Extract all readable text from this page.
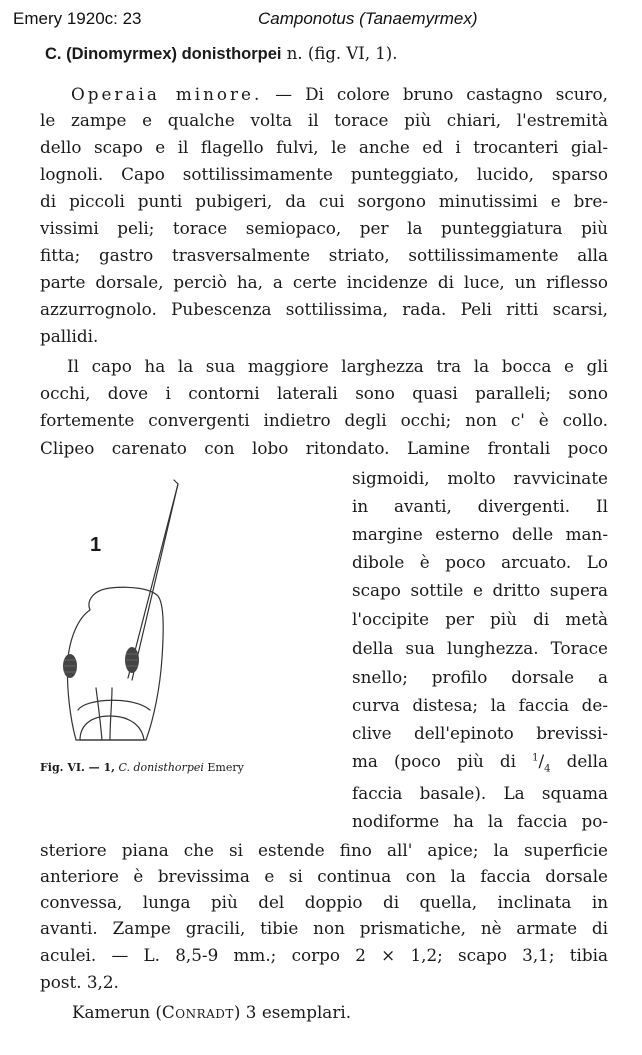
Emery 1920c: 23	Camponotus (Tanaemyrmex)
C. (Dinomyrmex) donisthorpei n. (fig. VI, 1).
Operaia minore. — Di colore bruno castagno scuro,
le zampe e qualche volta il torace più chiari, l'estremità
dello scapo e il flagello fulvi, le anche ed i trocanteri gial-
lognoli. Capo sottilissimamente punteggiato, lucido, sparso
di piccoli punti pubigeri, da cui sorgono minutissimi e bre-
vissimi peli; torace semiopaco, per la punteggiatura più
fitta; gastro trasversalmente striato, sottilissimamente alla
parte dorsale, perciò ha, a certe incidenze di luce, un riflesso
azzurrognolo. Pubescenza sottilissima, rada. Peli ritti scarsi,
pallidi.
Il capo ha la sua maggiore larghezza tra la bocca e gli
occhi, dove i contorni laterali sono quasi paralleli; sono
fortemente convergenti indietro degli occhi; non c' è collo.
Clipeo carenato con lobo ritondato. Lamine frontali poco
sigmoidi, molto ravvicinate
in avanti, divergenti. Il
margine esterno delle man-
dibole è poco arcuato. Lo
scapo sottile e dritto supera
l'occipite per più di metà
della sua lunghezza. Torace
snello; profilo dorsale a
curva distesa; la faccia de-
clive dell'epinoto brevissi-
ma (poco più di $^1/_4$ della
faccia basale). La squama
nodiforme ha la faccia po-
steriore piana che si estende fino all' apice; la superficie
anteriore è brevissima e si continua con la faccia dorsale
convessa, lunga più del doppio di quella, inclinata in
avanti. Zampe gracili, tibie non prismatiche, nè armate di
aculei. — L. 8,5-9 mm.; corpo 2 × 1,2; scapo 3,1; tibia
post. 3,2.
Kamerun (Conradt) 3 esemplari.
1
Fig. VI. — 1, C. donisthorpei Emery
